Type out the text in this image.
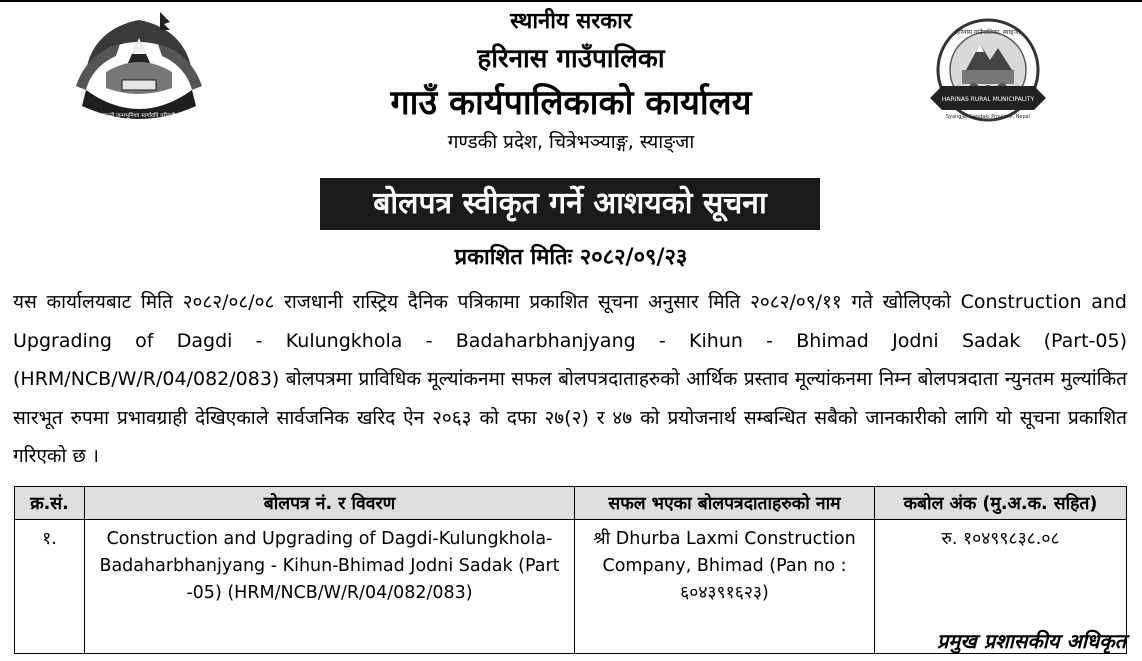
जननी जन्मभूमिश्च स्वर्गादपि गरीयसी
HARINAS RURAL MUNICIPALITY
Syangja, Gandaki Province, Nepal
हरिनास गाउँपालिका, स्याङ्जा
स्थानीय सरकार
हरिनास गाउँपालिका
गाउँ कार्यपालिकाको कार्यालय
गण्डकी प्रदेश, चित्रेभञ्याङ्ग, स्याङ्जा
बोलपत्र स्वीकृत गर्ने आशयको सूचना
प्रकाशित मितिः २०८२/०९/२३
यस कार्यालयबाट मिति २०८२/०८/०८ राजधानी रास्ट्रिय दैनिक पत्रिकामा प्रकाशित सूचना अनुसार मिति २०८२/०९/११ गते खोलिएको Construction and Upgrading of Dagdi - Kulungkhola - Badaharbhanjyang - Kihun - Bhimad Jodni Sadak (Part-05) (HRM/NCB/W/R/04/082/083) बोलपत्रमा प्राविधिक मूल्यांकनमा सफल बोलपत्रदाताहरुको आर्थिक प्रस्ताव मूल्यांकनमा निम्न बोलपत्रदाता न्युनतम मुल्यांकित सारभूत रुपमा प्रभावग्राही देखिएकाले सार्वजनिक खरिद ऐन २०६३ को दफा २७(२) र ४७ को प्रयोजनार्थ सम्बन्धित सबैको जानकारीको लागि यो सूचना प्रकाशित गरिएको छ ।
क्र.सं.	बोलपत्र नं. र विवरण	सफल भएका बोलपत्रदाताहरुको नाम	कबोल अंक (मु.अ.क. सहित)
१.	Construction and Upgrading of Dagdi-Kulungkhola-Badaharbhanjyang - Kihun-Bhimad Jodni Sadak (Part -05) (HRM/NCB/W/R/04/082/083)	श्री Dhurba Laxmi Construction Company, Bhimad (Pan no : ६०४३९१६२३)	रु. १०४९९८३८.०८
प्रमुख प्रशासकीय अधिकृत
